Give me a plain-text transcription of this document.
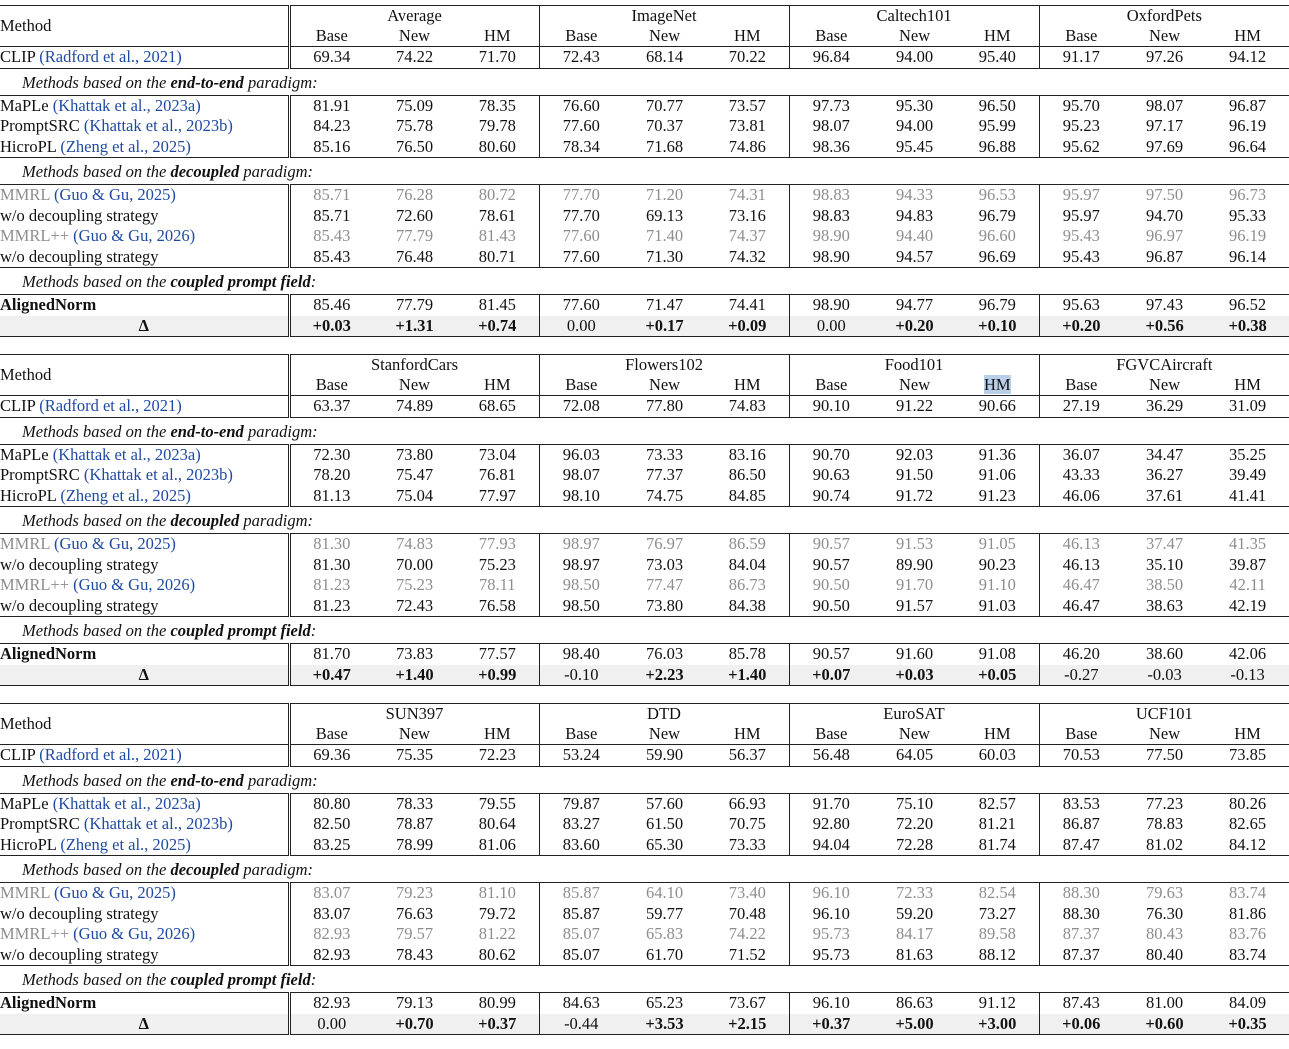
Method	Average			ImageNet			Caltech101			OxfordPets		
	Base	New	HM	Base	New	HM	Base	New	HM	Base	New	HM
CLIP (Radford et al., 2021)	69.34	74.22	71.70	72.43	68.14	70.22	96.84	94.00	95.40	91.17	97.26	94.12
Methods based on the end-to-end paradigm:												
MaPLe (Khattak et al., 2023a)	81.91	75.09	78.35	76.60	70.77	73.57	97.73	95.30	96.50	95.70	98.07	96.87
PromptSRC (Khattak et al., 2023b)	84.23	75.78	79.78	77.60	70.37	73.81	98.07	94.00	95.99	95.23	97.17	96.19
HicroPL (Zheng et al., 2025)	85.16	76.50	80.60	78.34	71.68	74.86	98.36	95.45	96.88	95.62	97.69	96.64
Methods based on the decoupled paradigm:												
MMRL (Guo & Gu, 2025)	85.71	76.28	80.72	77.70	71.20	74.31	98.83	94.33	96.53	95.97	97.50	96.73
w/o decoupling strategy	85.71	72.60	78.61	77.70	69.13	73.16	98.83	94.83	96.79	95.97	94.70	95.33
MMRL++ (Guo & Gu, 2026)	85.43	77.79	81.43	77.60	71.40	74.37	98.90	94.40	96.60	95.43	96.97	96.19
w/o decoupling strategy	85.43	76.48	80.71	77.60	71.30	74.32	98.90	94.57	96.69	95.43	96.87	96.14
Methods based on the coupled prompt field:												
AlignedNorm	85.46	77.79	81.45	77.60	71.47	74.41	98.90	94.77	96.79	95.63	97.43	96.52
Δ	+0.03	+1.31	+0.74	0.00	+0.17	+0.09	0.00	+0.20	+0.10	+0.20	+0.56	+0.38
Method	StanfordCars			Flowers102			Food101			FGVCAircraft		
	Base	New	HM	Base	New	HM	Base	New	HM	Base	New	HM
CLIP (Radford et al., 2021)	63.37	74.89	68.65	72.08	77.80	74.83	90.10	91.22	90.66	27.19	36.29	31.09
Methods based on the end-to-end paradigm:												
MaPLe (Khattak et al., 2023a)	72.30	73.80	73.04	96.03	73.33	83.16	90.70	92.03	91.36	36.07	34.47	35.25
PromptSRC (Khattak et al., 2023b)	78.20	75.47	76.81	98.07	77.37	86.50	90.63	91.50	91.06	43.33	36.27	39.49
HicroPL (Zheng et al., 2025)	81.13	75.04	77.97	98.10	74.75	84.85	90.74	91.72	91.23	46.06	37.61	41.41
Methods based on the decoupled paradigm:												
MMRL (Guo & Gu, 2025)	81.30	74.83	77.93	98.97	76.97	86.59	90.57	91.53	91.05	46.13	37.47	41.35
w/o decoupling strategy	81.30	70.00	75.23	98.97	73.03	84.04	90.57	89.90	90.23	46.13	35.10	39.87
MMRL++ (Guo & Gu, 2026)	81.23	75.23	78.11	98.50	77.47	86.73	90.50	91.70	91.10	46.47	38.50	42.11
w/o decoupling strategy	81.23	72.43	76.58	98.50	73.80	84.38	90.50	91.57	91.03	46.47	38.63	42.19
Methods based on the coupled prompt field:												
AlignedNorm	81.70	73.83	77.57	98.40	76.03	85.78	90.57	91.60	91.08	46.20	38.60	42.06
Δ	+0.47	+1.40	+0.99	-0.10	+2.23	+1.40	+0.07	+0.03	+0.05	-0.27	-0.03	-0.13
Method	SUN397			DTD			EuroSAT			UCF101		
	Base	New	HM	Base	New	HM	Base	New	HM	Base	New	HM
CLIP (Radford et al., 2021)	69.36	75.35	72.23	53.24	59.90	56.37	56.48	64.05	60.03	70.53	77.50	73.85
Methods based on the end-to-end paradigm:												
MaPLe (Khattak et al., 2023a)	80.80	78.33	79.55	79.87	57.60	66.93	91.70	75.10	82.57	83.53	77.23	80.26
PromptSRC (Khattak et al., 2023b)	82.50	78.87	80.64	83.27	61.50	70.75	92.80	72.20	81.21	86.87	78.83	82.65
HicroPL (Zheng et al., 2025)	83.25	78.99	81.06	83.60	65.30	73.33	94.04	72.28	81.74	87.47	81.02	84.12
Methods based on the decoupled paradigm:												
MMRL (Guo & Gu, 2025)	83.07	79.23	81.10	85.87	64.10	73.40	96.10	72.33	82.54	88.30	79.63	83.74
w/o decoupling strategy	83.07	76.63	79.72	85.87	59.77	70.48	96.10	59.20	73.27	88.30	76.30	81.86
MMRL++ (Guo & Gu, 2026)	82.93	79.57	81.22	85.07	65.83	74.22	95.73	84.17	89.58	87.37	80.43	83.76
w/o decoupling strategy	82.93	78.43	80.62	85.07	61.70	71.52	95.73	81.63	88.12	87.37	80.40	83.74
Methods based on the coupled prompt field:												
AlignedNorm	82.93	79.13	80.99	84.63	65.23	73.67	96.10	86.63	91.12	87.43	81.00	84.09
Δ	0.00	+0.70	+0.37	-0.44	+3.53	+2.15	+0.37	+5.00	+3.00	+0.06	+0.60	+0.35
